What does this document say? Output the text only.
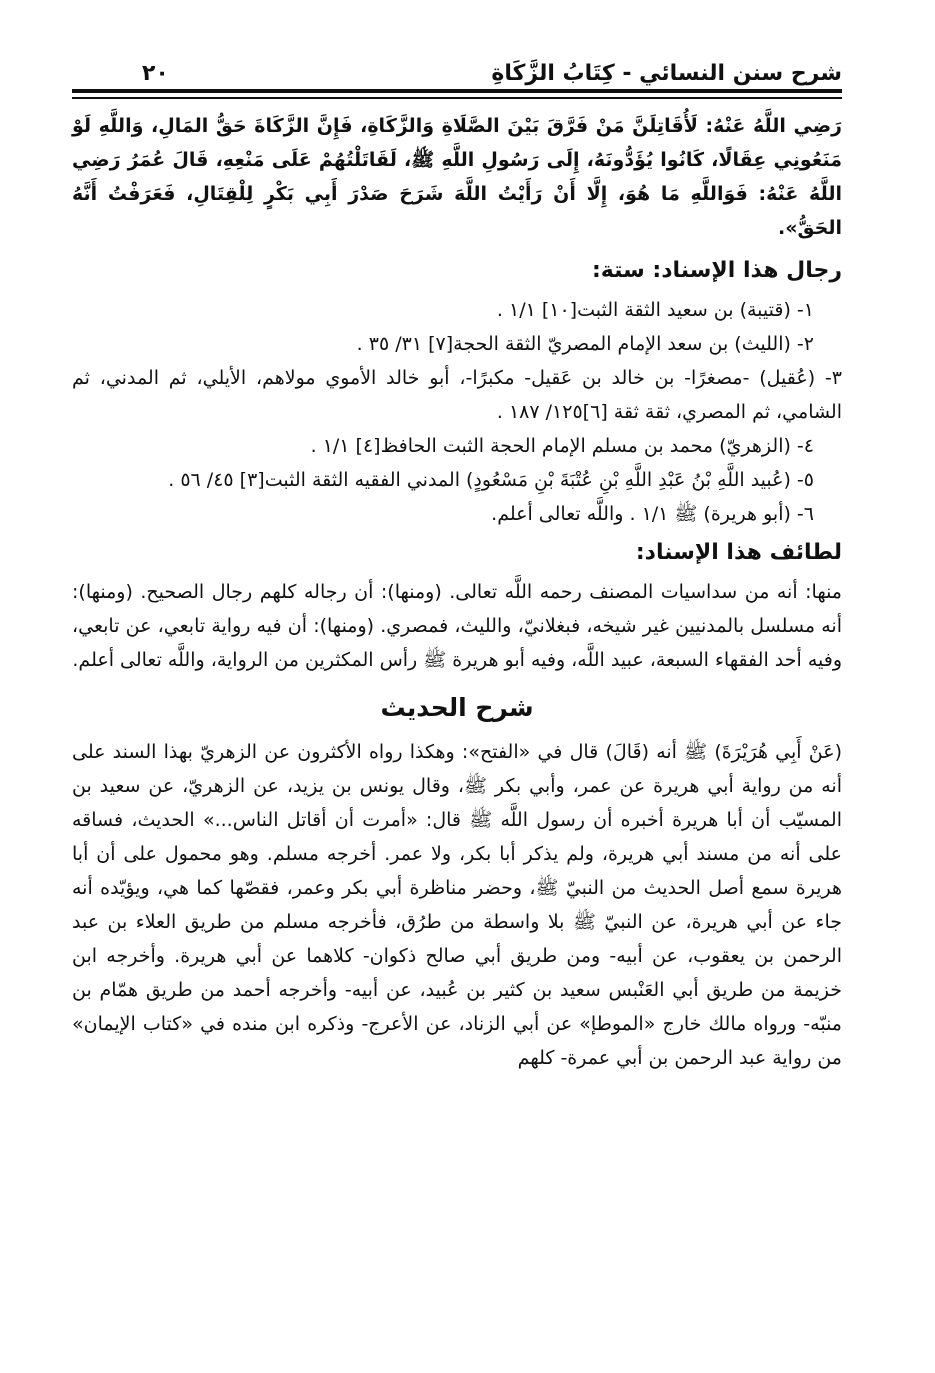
شرح سنن النسائي - كِتَابُ الزَّكَاةِ
٢٠

رَضِي اللَّهُ عَنْهُ: لَأُقَاتِلَنَّ مَنْ فَرَّقَ بَيْنَ الصَّلَاةِ وَالزَّكَاةِ، فَإِنَّ الزَّكَاةَ حَقُّ المَالِ، وَاللَّهِ لَوْ مَنَعُونِي عِقَالًا، كَانُوا يُؤَدُّونَهُ، إِلَى رَسُولِ اللَّهِ ﷺ، لَقَاتَلْتُهُمْ عَلَى مَنْعِهِ، قَالَ عُمَرُ رَضِي اللَّهُ عَنْهُ: فَوَاللَّهِ مَا هُوَ، إِلَّا أَنْ رَأَيْتُ اللَّهَ شَرَحَ صَدْرَ أَبِي بَكْرٍ لِلْقِتَالِ، فَعَرَفْتُ أَنَّهُ الحَقُّ».

رجال هذا الإسناد: ستة:
١- (قتيبة) بن سعيد الثقة الثبت[١٠] ١/١ .
٢- (الليث) بن سعد الإمام المصريّ الثقة الحجة[٧] ٣١/ ٣٥ .

٣- (عُقيل) -مصغرًا- بن خالد بن عَقيل- مكبرًا-، أبو خالد الأموي مولاهم، الأيلي، ثم المدني، ثم الشامي، ثم المصري، ثقة ثقة [٦]١٢٥/ ١٨٧ .

٤- (الزهريّ) محمد بن مسلم الإمام الحجة الثبت الحافظ[٤] ١/١ .
٥- (عُبيد اللَّهِ بْنُ عَبْدِ اللَّهِ بْنِ عُتْبَةَ بْنِ مَسْعُودٍ) المدني الفقيه الثقة الثبت[٣] ٤٥/ ٥٦ .
٦- (أبو هريرة) ﷺ ١/١ . واللَّه تعالى أعلم.
لطائف هذا الإسناد:

منها: أنه من سداسيات المصنف رحمه اللَّه تعالى. (ومنها): أن رجاله كلهم رجال الصحيح. (ومنها): أنه مسلسل بالمدنيين غير شيخه، فبغلانيّ، والليث، فمصري. (ومنها): أن فيه رواية تابعي، عن تابعي، وفيه أحد الفقهاء السبعة، عبيد اللَّه، وفيه أبو هريرة ﷺ رأس المكثرين من الرواية، واللَّه تعالى أعلم.

شرح الحديث

(عَنْ أَبِي هُرَيْرَةَ) ﷺ أنه (قَالَ) قال في «الفتح»: وهكذا رواه الأكثرون عن الزهريّ بهذا السند على أنه من رواية أبي هريرة عن عمر، وأبي بكر ﷺ، وقال يونس بن يزيد، عن الزهريّ، عن سعيد بن المسيّب أن أبا هريرة أخبره أن رسول اللَّه ﷺ قال: «أمرت أن أقاتل الناس...» الحديث، فساقه على أنه من مسند أبي هريرة، ولم يذكر أبا بكر، ولا عمر. أخرجه مسلم. وهو محمول على أن أبا هريرة سمع أصل الحديث من النبيّ ﷺ، وحضر مناظرة أبي بكر وعمر، فقصّها كما هي، ويؤيّده أنه جاء عن أبي هريرة، عن النبيّ ﷺ بلا واسطة من طرُق، فأخرجه مسلم من طريق العلاء بن عبد الرحمن بن يعقوب، عن أبيه- ومن طريق أبي صالح ذكوان- كلاهما عن أبي هريرة. وأخرجه ابن خزيمة من طريق أبي العَنْبس سعيد بن كثير بن عُبيد، عن أبيه- وأخرجه أحمد من طريق همّام بن منبّه- ورواه مالك خارج «الموطإ» عن أبي الزناد، عن الأعرج- وذكره ابن منده في «كتاب الإيمان» من رواية عبد الرحمن بن أبي عمرة- كلهم
